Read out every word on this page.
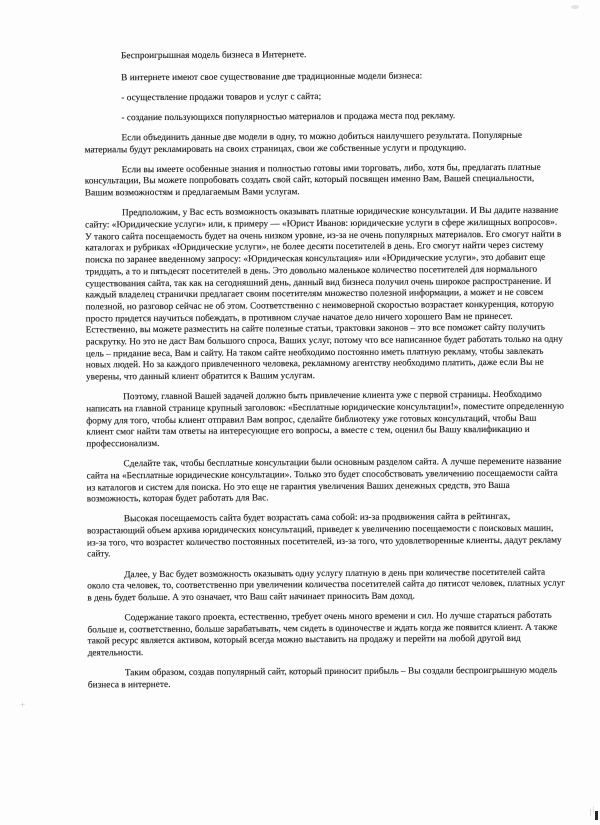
Беспроигрышная модель бизнеса в Интернете.

В интернете имеют свое существование две традиционные модели бизнеса:

- осуществление продажи товаров и услуг с сайта;

- создание пользующихся популярностью материалов и продажа места под рекламу.

Если объединить данные две модели в одну, то можно добиться наилучшего результата. Популярные материалы будут рекламировать на своих страницах, свои же собственные услуги и продукцию.

Если вы имеете особенные знания и полностью готовы ими торговать, либо, хотя бы, предлагать платные консультации, Вы можете попробовать создать свой сайт, который посвящен именно Вам, Вашей специальности, Вашим возможностям и предлагаемым Вами услугам.

Предположим, у Вас есть возможность оказывать платные юридические консультации. И Вы дадите название сайту: «Юридические услуги» или, к примеру — «Юрист Иванов: юридические услуги в сфере жилищных вопросов». У такого сайта посещаемость будет на очень низком уровне, из-за не очень популярных материалов. Его смогут найти в каталогах и рубриках «Юридические услуги», не более десяти посетителей в день. Его смогут найти через систему поиска по заранее введенному запросу: «Юридическая консультация» или «Юридические услуги», это добавит еще тридцать, а то и пятьдесят посетителей в день. Это довольно маленькое количество посетителей для нормального существования сайта, так как на сегодняшний день, данный вид бизнеса получил очень широкое распространение. И каждый владелец странички предлагает своим посетителям множество полезной информации, а может и не совсем полезной, но разговор сейчас не об этом. Соответственно с неимоверной скоростью возрастает конкуренция, которую просто придется научиться побеждать, в противном случае начатое дело ничего хорошего Вам не принесет. Естественно, вы можете разместить на сайте полезные статьи, трактовки законов – это все поможет сайту получить раскрутку. Но это не даст Вам большого спроса, Ваших услуг, потому что все написанное будет работать только на одну цель – придание веса, Вам и сайту. На таком сайте необходимо постоянно иметь платную рекламу, чтобы завлекать новых людей. Но за каждого привлеченного человека, рекламному агентству необходимо платить, даже если Вы не уверены, что данный клиент обратится к Вашим услугам.

Поэтому, главной Вашей задачей должно быть привлечение клиента уже с первой страницы. Необходимо написать на главной странице крупный заголовок: «Бесплатные юридические консультации!», поместите определенную форму для того, чтобы клиент отправил Вам вопрос, сделайте библиотеку уже готовых консультаций, чтобы Ваш клиент смог найти там ответы на интересующие его вопросы, а вместе с тем, оценил бы Вашу квалификацию и профессионализм.

Сделайте так, чтобы бесплатные консультации были основным разделом сайта. А лучше перемените название сайта на «Бесплатные юридические консультации». Только это будет способствовать увеличению посещаемости сайта из каталогов и систем для поиска. Но это еще не гарантия увеличения Ваших денежных средств, это Ваша возможность, которая будет работать для Вас.

Высокая посещаемость сайта будет возрастать сама собой: из-за продвижения сайта в рейтингах, возрастающий объем архива юридических консультаций, приведет к увеличению посещаемости с поисковых машин, из-за того, что возрастет количество постоянных посетителей, из-за того, что удовлетворенные клиенты, дадут рекламу сайту.

Далее, у Вас будет возможность оказывать одну услугу платную в день при количестве посетителей сайта около ста человек, то, соответственно при увеличении количества посетителей сайта до пятисот человек, платных услуг в день будет больше. А это означает, что Ваш сайт начинает приносить Вам доход.

Содержание такого проекта, естественно, требует очень много времени и сил. Но лучше стараться работать больше и, соответственно, больше зарабатывать, чем сидеть в одиночестве и ждать когда же появится клиент. А также такой ресурс является активом, который всегда можно выставить на продажу и перейти на любой другой вид деятельности.

Таким образом, создав популярный сайт, который приносит прибыль – Вы создали беспроигрышную модель бизнеса в интернете.

+
